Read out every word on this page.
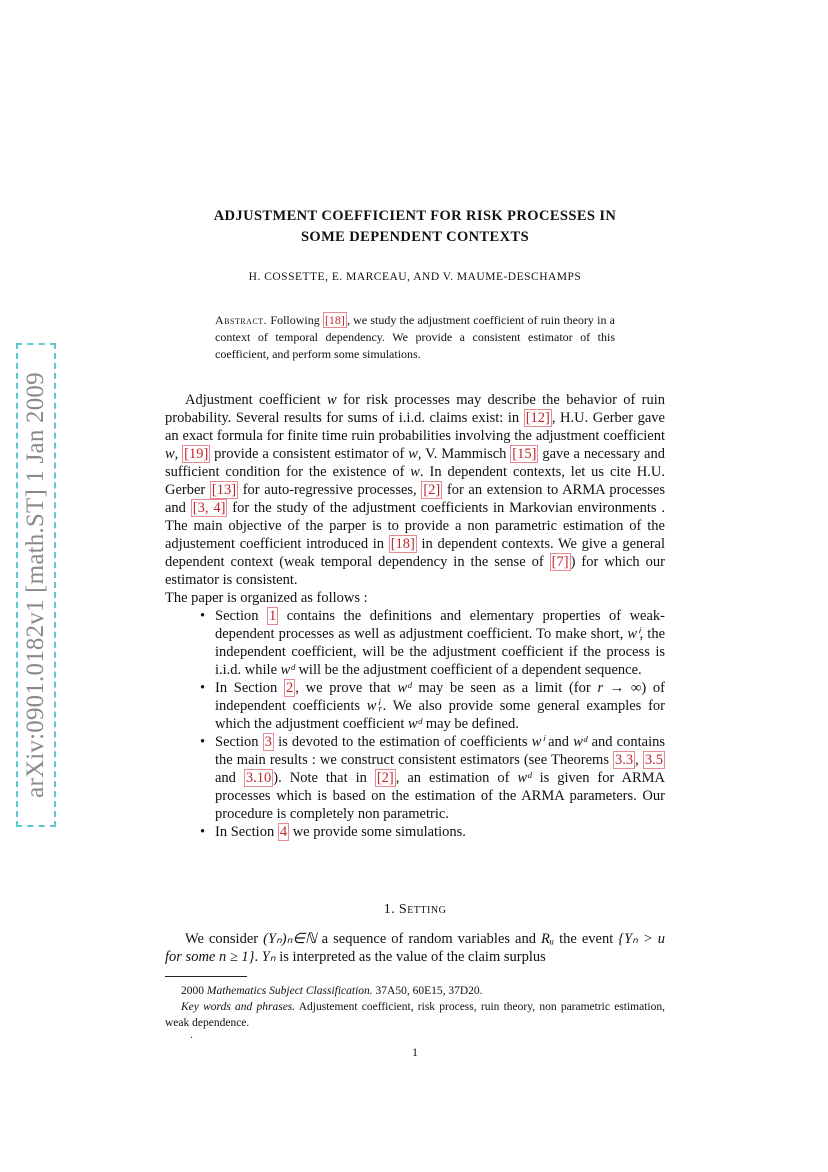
arXiv:0901.0182v1 [math.ST] 1 Jan 2009
ADJUSTMENT COEFFICIENT FOR RISK PROCESSES IN
SOME DEPENDENT CONTEXTS
H. COSSETTE, E. MARCEAU, AND V. MAUME-DESCHAMPS
Abstract. Following [18] , we study the adjustment coefficient of ruin theory in a context of temporal dependency. We provide a consistent estimator of this coefficient, and perform some simulations.

Adjustment coefficient w for risk processes may describe the behavior of ruin probability. Several results for sums of i.i.d. claims exist: in [12] , H.U. Gerber gave an exact formula for finite time ruin probabilities involving the adjustment coefficient w, [19] provide a consistent estimator of w, V. Mammisch [15] gave a necessary and sufficient condition for the existence of w. In dependent contexts, let us cite H.U. Gerber [13] for auto-regressive processes, [2] for an extension to ARMA processes and [3, 4] for the study of the adjustment coefficients in Markovian environments . The main objective of the parper is to provide a non parametric estimation of the adjustement coefficient introduced in [18] in dependent contexts. We give a general dependent context (weak temporal dependency in the sense of [7] ) for which our estimator is consistent.

The paper is organized as follows :

• Section 1 contains the definitions and elementary properties of weak-dependent processes as well as adjustment coefficient. To make short, wⁱ, the independent coefficient, will be the adjustment coefficient if the process is i.i.d. while wᵈ will be the adjustment coefficient of a dependent sequence.
• In Section 2 , we prove that wᵈ may be seen as a limit (for r → ∞) of independent coefficients wⁱᵣ. We also provide some general examples for which the adjustment coefficient wᵈ may be defined.
• Section 3 is devoted to the estimation of coefficients wⁱ and wᵈ and contains the main results : we construct consistent estimators (see Theorems 3.3 , 3.5 and 3.10 ). Note that in [2] , an estimation of wᵈ is given for ARMA processes which is based on the estimation of the ARMA parameters. Our procedure is completely non parametric.
• In Section 4 we provide some simulations.
1. Setting
We consider (Yₙ)ₙ∈ℕ a sequence of random variables and Rᵤ the event {Yₙ > u for some n ≥ 1}. Yₙ is interpreted as the value of the claim surplus

2000 Mathematics Subject Classification. 37A50, 60E15, 37D20.

Key words and phrases. Adjustement coefficient, risk process, ruin theory, non parametric estimation, weak dependence.

.
1
